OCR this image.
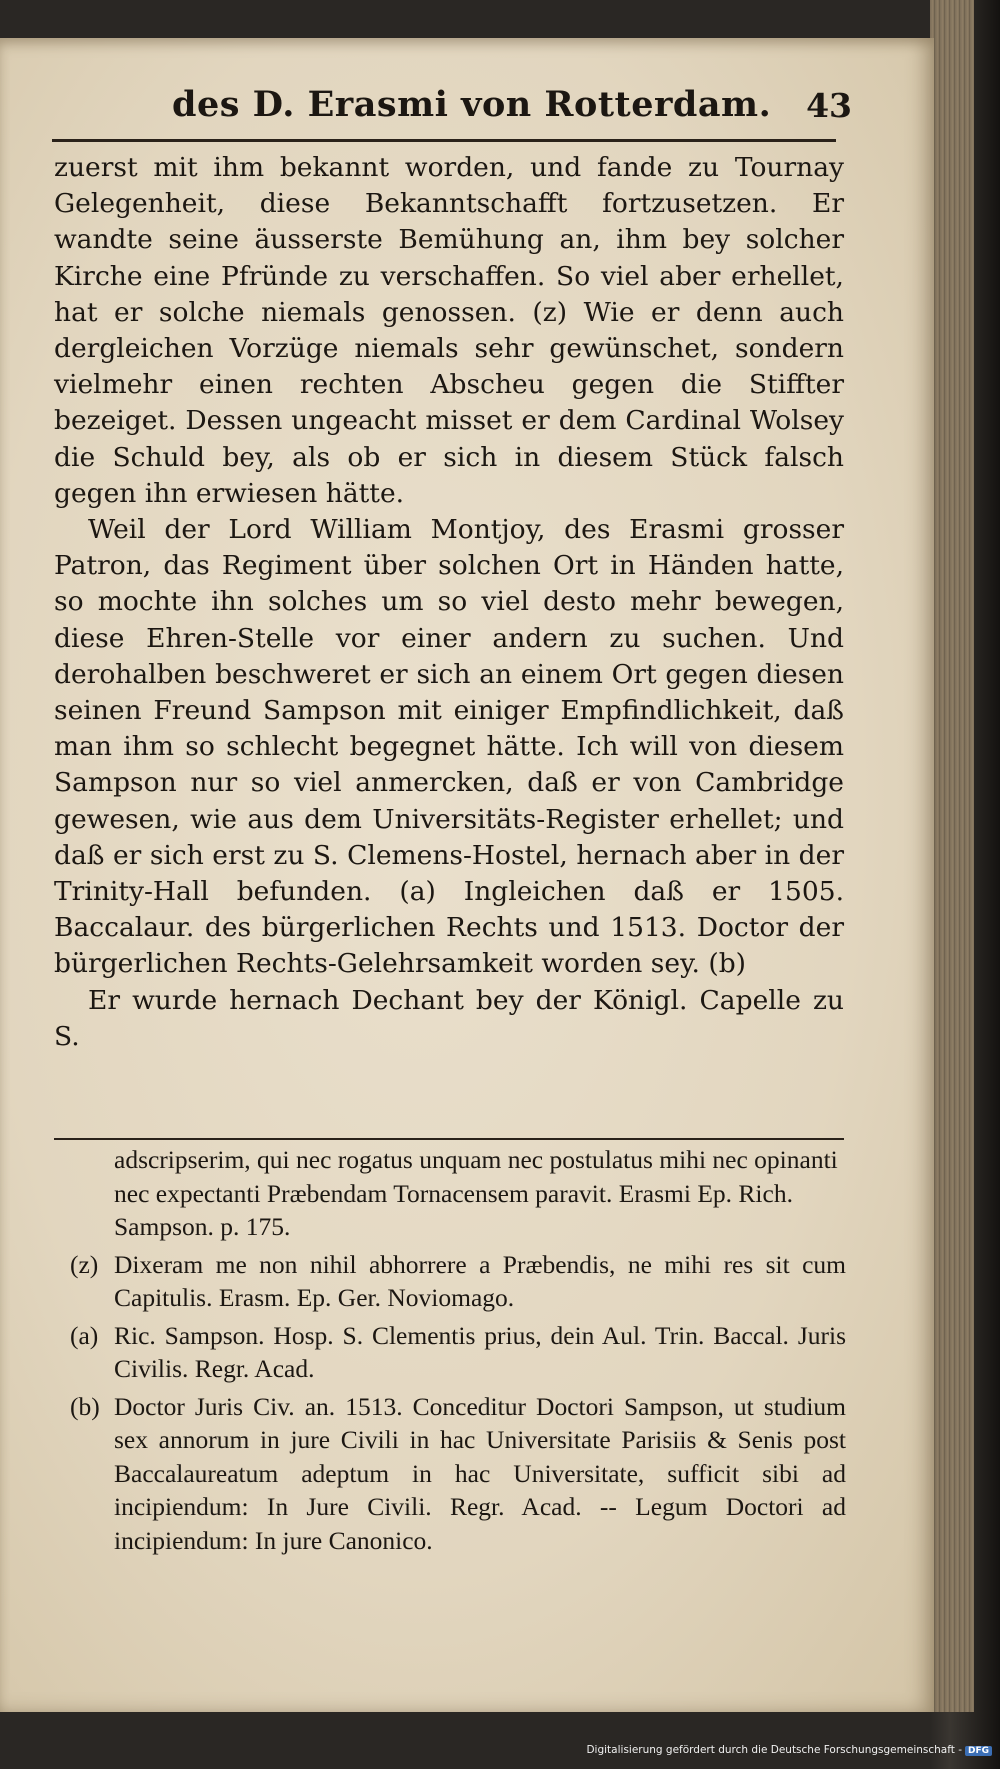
des D. Erasmi von Rotterdam. 43

zuerst mit ihm bekannt worden, und fande zu Tournay Gelegenheit, diese Bekanntschafft fortzusetzen. Er wandte seine äusserste Bemühung an, ihm bey solcher Kirche eine Pfründe zu verschaffen. So viel aber erhellet, hat er solche niemals genossen. (z) Wie er denn auch dergleichen Vorzüge niemals sehr gewünschet, sondern vielmehr einen rechten Abscheu gegen die Stiffter bezeiget. Dessen ungeacht misset er dem Cardinal Wolsey die Schuld bey, als ob er sich in diesem Stück falsch gegen ihn erwiesen hätte.

Weil der Lord William Montjoy, des Erasmi grosser Patron, das Regiment über solchen Ort in Händen hatte, so mochte ihn solches um so viel desto mehr bewegen, diese Ehren-Stelle vor einer andern zu suchen. Und derohalben beschweret er sich an einem Ort gegen diesen seinen Freund Sampson mit einiger Empfindlichkeit, daß man ihm so schlecht begegnet hätte. Ich will von diesem Sampson nur so viel anmercken, daß er von Cambridge gewesen, wie aus dem Universitäts-Register erhellet; und daß er sich erst zu S. Clemens-Hostel, hernach aber in der Trinity-Hall befunden. (a) Ingleichen daß er 1505. Baccalaur. des bürgerlichen Rechts und 1513. Doctor der bürgerlichen Rechts-Gelehrsamkeit worden sey. (b)

Er wurde hernach Dechant bey der Königl. Capelle zu S.

adscripserim, qui nec rogatus unquam nec postulatus mihi nec opinanti nec expectanti Præbendam Tornacensem paravit. Erasmi Ep. Rich. Sampson. p. 175.

(z) Dixeram me non nihil abhorrere a Præbendis, ne mihi res sit cum Capitulis. Erasm. Ep. Ger. Noviomago.
(a) Ric. Sampson. Hosp. S. Clementis prius, dein Aul. Trin. Baccal. Juris Civilis. Regr. Acad.
(b) Doctor Juris Civ. an. 1513. Conceditur Doctori Sampson, ut studium sex annorum in jure Civili in hac Universitate Parisiis & Senis post Baccalaureatum adeptum in hac Universitate, sufficit sibi ad incipiendum: In Jure Civili. Regr. Acad. -- Legum Doctori ad incipiendum: In jure Canonico.
Digitalisierung gefördert durch die Deutsche Forschungsgemeinschaft - DFG
